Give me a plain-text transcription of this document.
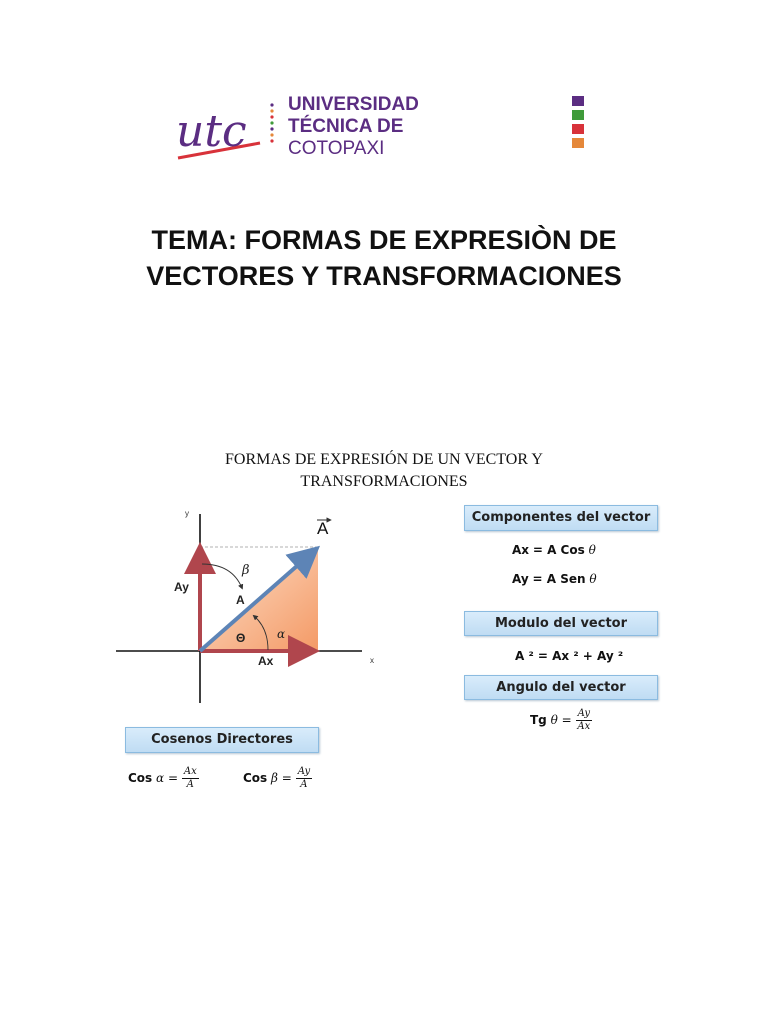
utc
UNIVERSIDAD
TÉCNICA DE
COTOPAXI
TEMA: FORMAS DE EXPRESIÒN DE
VECTORES Y TRANSFORMACIONES
FORMAS DE EXPRESIÓN DE UN VECTOR Y
TRANSFORMACIONES
y
x
A
Ay
Ax
A
β
Θ	α
Componentes del vector
Ax = A Cos θ
Ay = A Sen θ
Modulo del vector
A ² = Ax ² + Ay ²
Angulo del vector
Tg $\theta = \frac{Ay}{Ax}$
Cosenos Directores
Cos $\alpha = \frac{Ax}{A}$	Cos $\beta = \frac{Ay}{A}$
